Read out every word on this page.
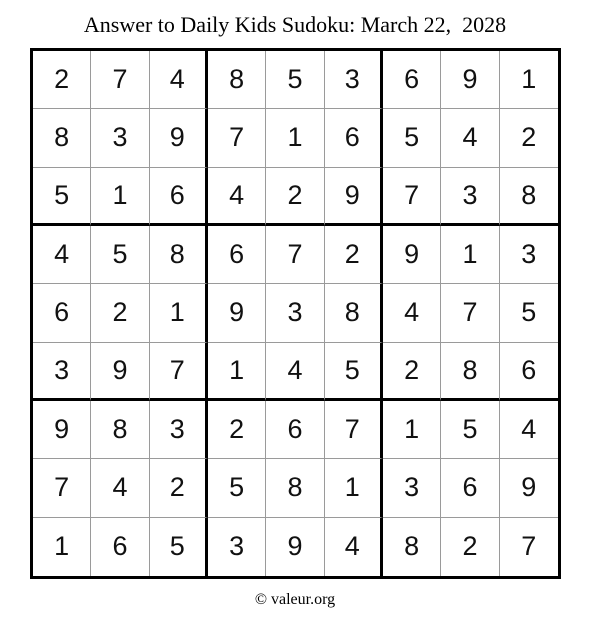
Answer to Daily Kids Sudoku: March 22,  2028
2	7	4	8	5	3	6	9	1
8	3	9	7	1	6	5	4	2
5	1	6	4	2	9	7	3	8
4	5	8	6	7	2	9	1	3
6	2	1	9	3	8	4	7	5
3	9	7	1	4	5	2	8	6
9	8	3	2	6	7	1	5	4
7	4	2	5	8	1	3	6	9
1	6	5	3	9	4	8	2	7
© valeur.org
